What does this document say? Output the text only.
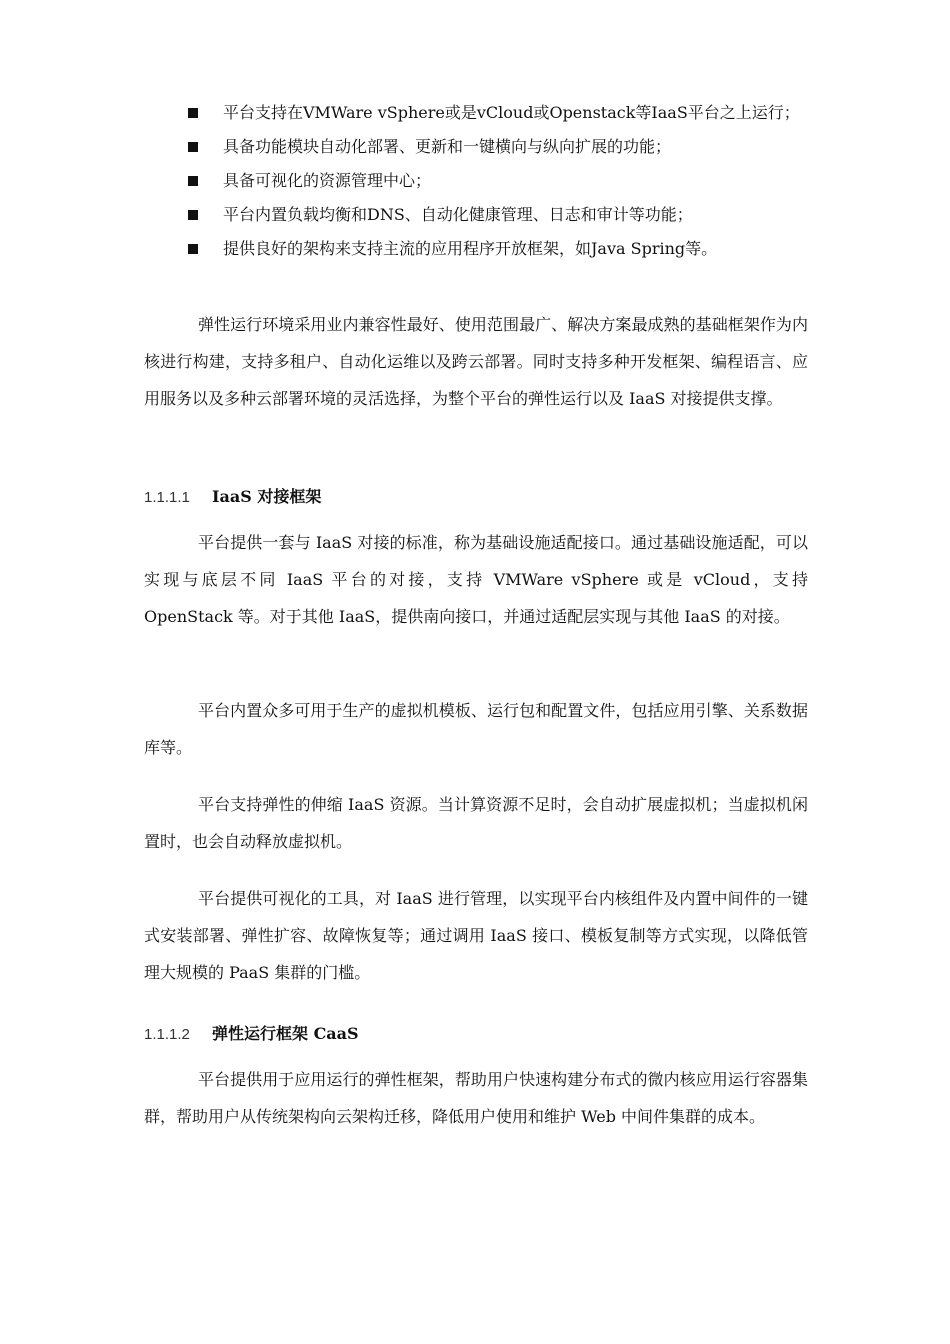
平台支持在VMWare vSphere或是vCloud或Openstack等IaaS平台之上运行；
具备功能模块自动化部署、更新和一键横向与纵向扩展的功能；
具备可视化的资源管理中心；
平台内置负载均衡和DNS、自动化健康管理、日志和审计等功能；
提供良好的架构来支持主流的应用程序开放框架，如Java Spring等。

弹性运行环境采用业内兼容性最好、使用范围最广、解决方案最成熟的基础框架作为内核进行构建，支持多租户、自动化运维以及跨云部署。同时支持多种开发框架、编程语言、应用服务以及多种云部署环境的灵活选择，为整个平台的弹性运行以及 IaaS 对接提供支撑。

1.1.1.1 IaaS 对接框架

平台提供一套与 IaaS 对接的标准，称为基础设施适配接口。通过基础设施适配，可以实现与底层不同 IaaS 平台的对接，支持 VMWare vSphere 或是 vCloud，支持 OpenStack 等。对于其他 IaaS，提供南向接口，并通过适配层实现与其他 IaaS 的对接。

平台内置众多可用于生产的虚拟机模板、运行包和配置文件，包括应用引擎、关系数据库等。

平台支持弹性的伸缩 IaaS 资源。当计算资源不足时，会自动扩展虚拟机；当虚拟机闲置时，也会自动释放虚拟机。

平台提供可视化的工具，对 IaaS 进行管理，以实现平台内核组件及内置中间件的一键式安装部署、弹性扩容、故障恢复等；通过调用 IaaS 接口、模板复制等方式实现，以降低管理大规模的 PaaS 集群的门槛。

1.1.1.2 弹性运行框架 CaaS

平台提供用于应用运行的弹性框架，帮助用户快速构建分布式的微内核应用运行容器集群，帮助用户从传统架构向云架构迁移，降低用户使用和维护 Web 中间件集群的成本。
